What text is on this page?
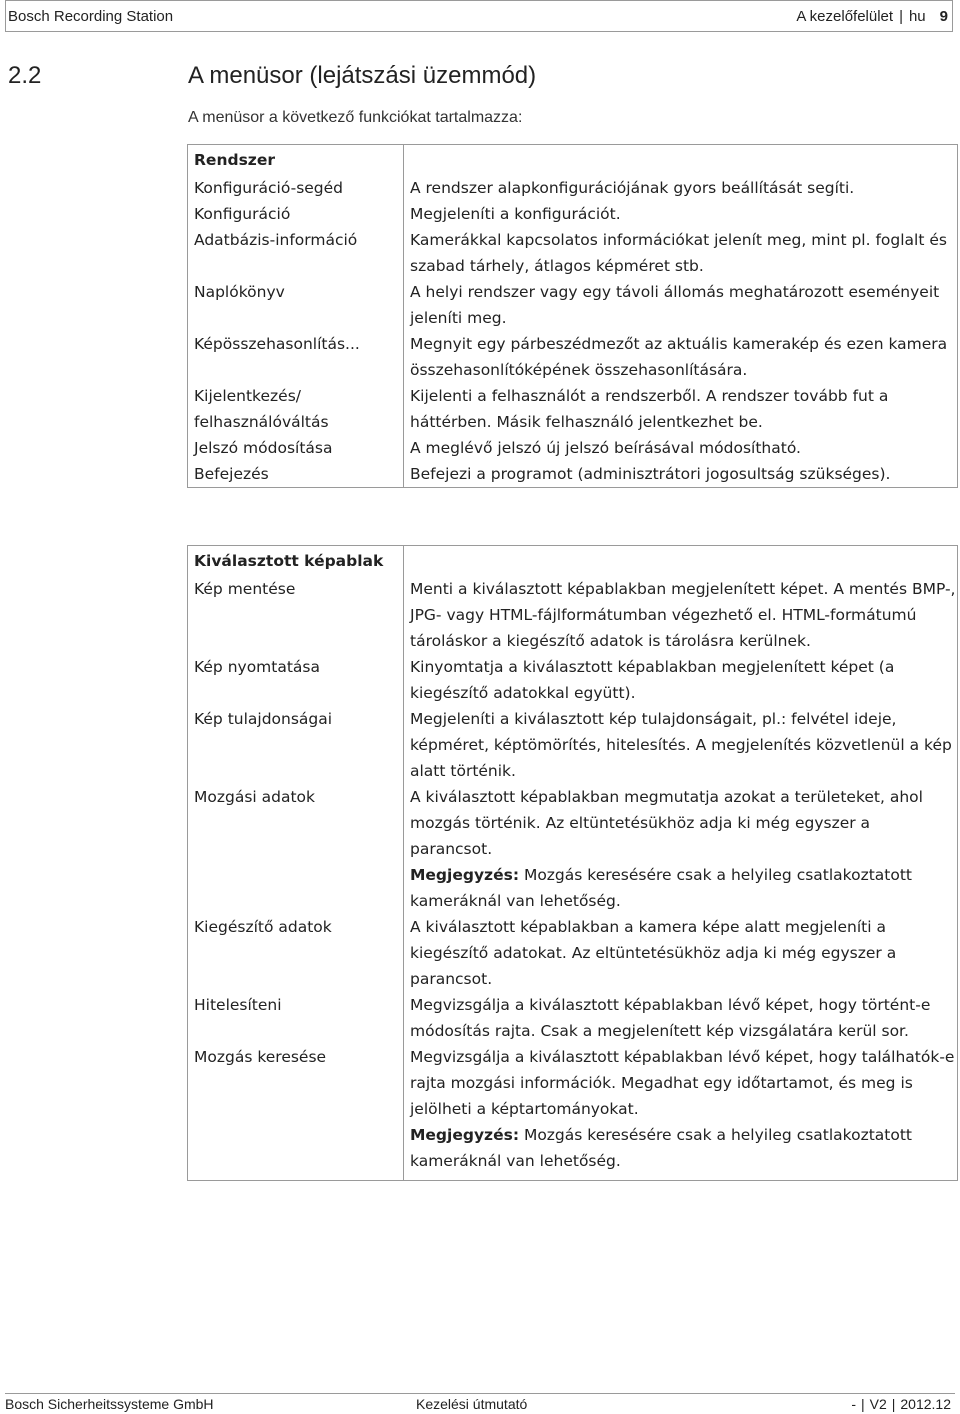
Bosch Recording Station	A kezelőfelület | hu 9
2.2	A menüsor (lejátszási üzemmód)
A menüsor a következő funkciókat tartalmazza:
Rendszer	
Konfiguráció-segéd	A rendszer alapkonfigurációjának gyors beállítását segíti.
Konfiguráció	Megjeleníti a konfigurációt.
Adatbázis-információ	Kamerákkal kapcsolatos információkat jelenít meg, mint pl. foglalt és szabad tárhely, átlagos képméret stb.
Naplókönyv	A helyi rendszer vagy egy távoli állomás meghatározott eseményeit jeleníti meg.
Képösszehasonlítás...	Megnyit egy párbeszédmezőt az aktuális kamerakép és ezen kamera összehasonlítóképének összehasonlítására.
Kijelentkezés/ felhasználóváltás	Kijelenti a felhasználót a rendszerből. A rendszer tovább fut a háttérben. Másik felhasználó jelentkezhet be.
Jelszó módosítása	A meglévő jelszó új jelszó beírásával módosítható.
Befejezés	Befejezi a programot (adminisztrátori jogosultság szükséges).
Kiválasztott képablak	
Kép mentése	Menti a kiválasztott képablakban megjelenített képet. A mentés BMP-, JPG- vagy HTML-fájlformátumban végezhető el. HTML-formátumú tároláskor a kiegészítő adatok is tárolásra kerülnek.
Kép nyomtatása	Kinyomtatja a kiválasztott képablakban megjelenített képet (a kiegészítő adatokkal együtt).
Kép tulajdonságai	Megjeleníti a kiválasztott kép tulajdonságait, pl.: felvétel ideje, képméret, képtömörítés, hitelesítés. A megjelenítés közvetlenül a kép alatt történik.
Mozgási adatok	A kiválasztott képablakban megmutatja azokat a területeket, ahol mozgás történik. Az eltüntetésükhöz adja ki még egyszer a parancsot.
Megjegyzés: Mozgás keresésére csak a helyileg csatlakoztatott kameráknál van lehetőség.

Kiegészítő adatok	A kiválasztott képablakban a kamera képe alatt megjeleníti a kiegészítő adatokat. Az eltüntetésükhöz adja ki még egyszer a parancsot.
Hitelesíteni	Megvizsgálja a kiválasztott képablakban lévő képet, hogy történt-e módosítás rajta. Csak a megjelenített kép vizsgálatára kerül sor.
Mozgás keresése	Megvizsgálja a kiválasztott képablakban lévő képet, hogy találhatók-e rajta mozgási információk. Megadhat egy időtartamot, és meg is jelölheti a képtartományokat.
Megjegyzés: Mozgás keresésére csak a helyileg csatlakoztatott kameráknál van lehetőség.
Bosch Sicherheitssysteme GmbH	Kezelési útmutató	- | V2 | 2012.12
